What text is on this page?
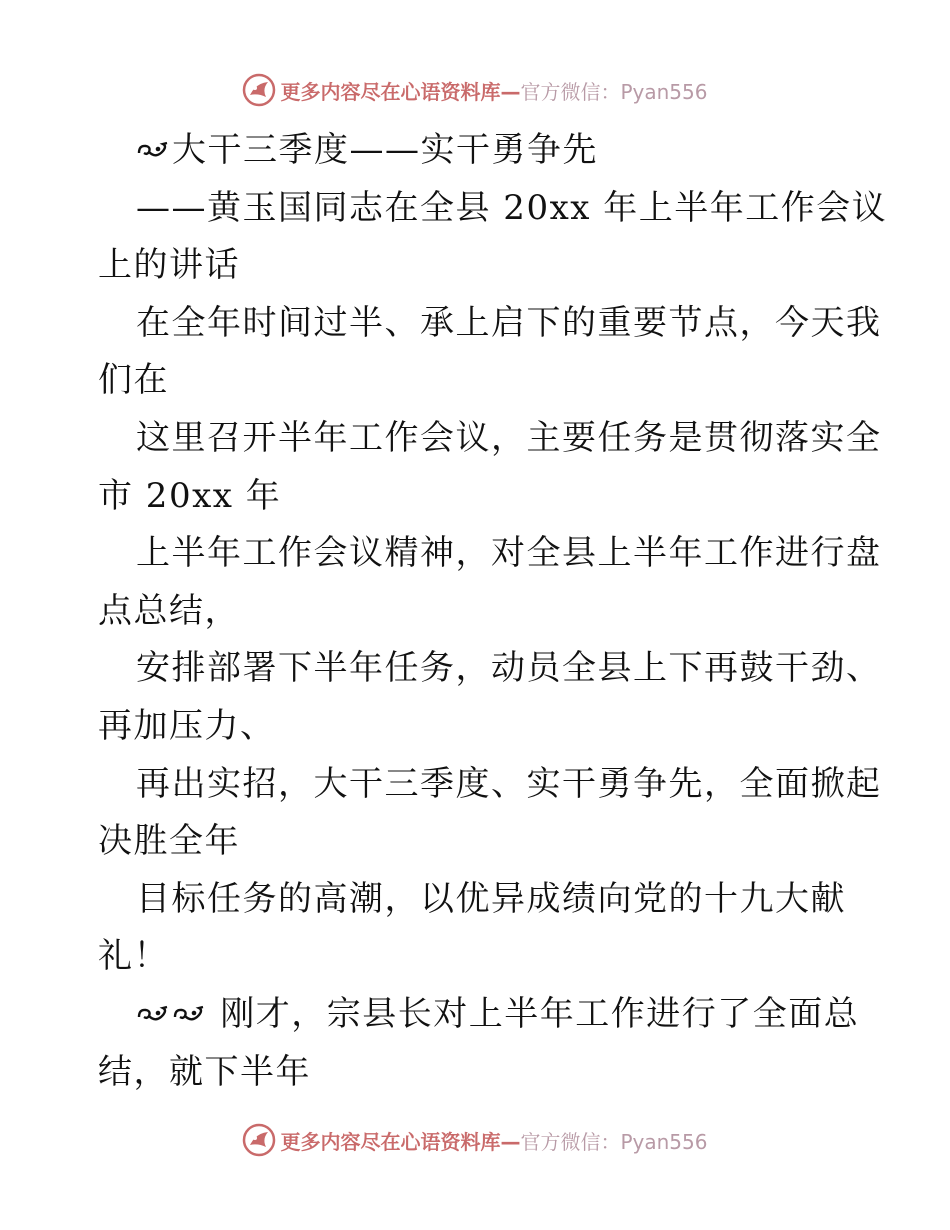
更多内容尽在心语资料库—官方微信：Pyan556
大干三季度——实干勇争先
——黄玉国同志在全县 20xx 年上半年工作会议
上的讲话
在全年时间过半、承上启下的重要节点，今天我
们在
这里召开半年工作会议，主要任务是贯彻落实全
市 20xx 年
上半年工作会议精神，对全县上半年工作进行盘
点总结，
安排部署下半年任务，动员全县上下再鼓干劲、
再加压力、
再出实招，大干三季度、实干勇争先，全面掀起
决胜全年
目标任务的高潮，以优异成绩向党的十九大献
礼！
刚才，宗县长对上半年工作进行了全面总
结，就下半年
更多内容尽在心语资料库—官方微信：Pyan556
